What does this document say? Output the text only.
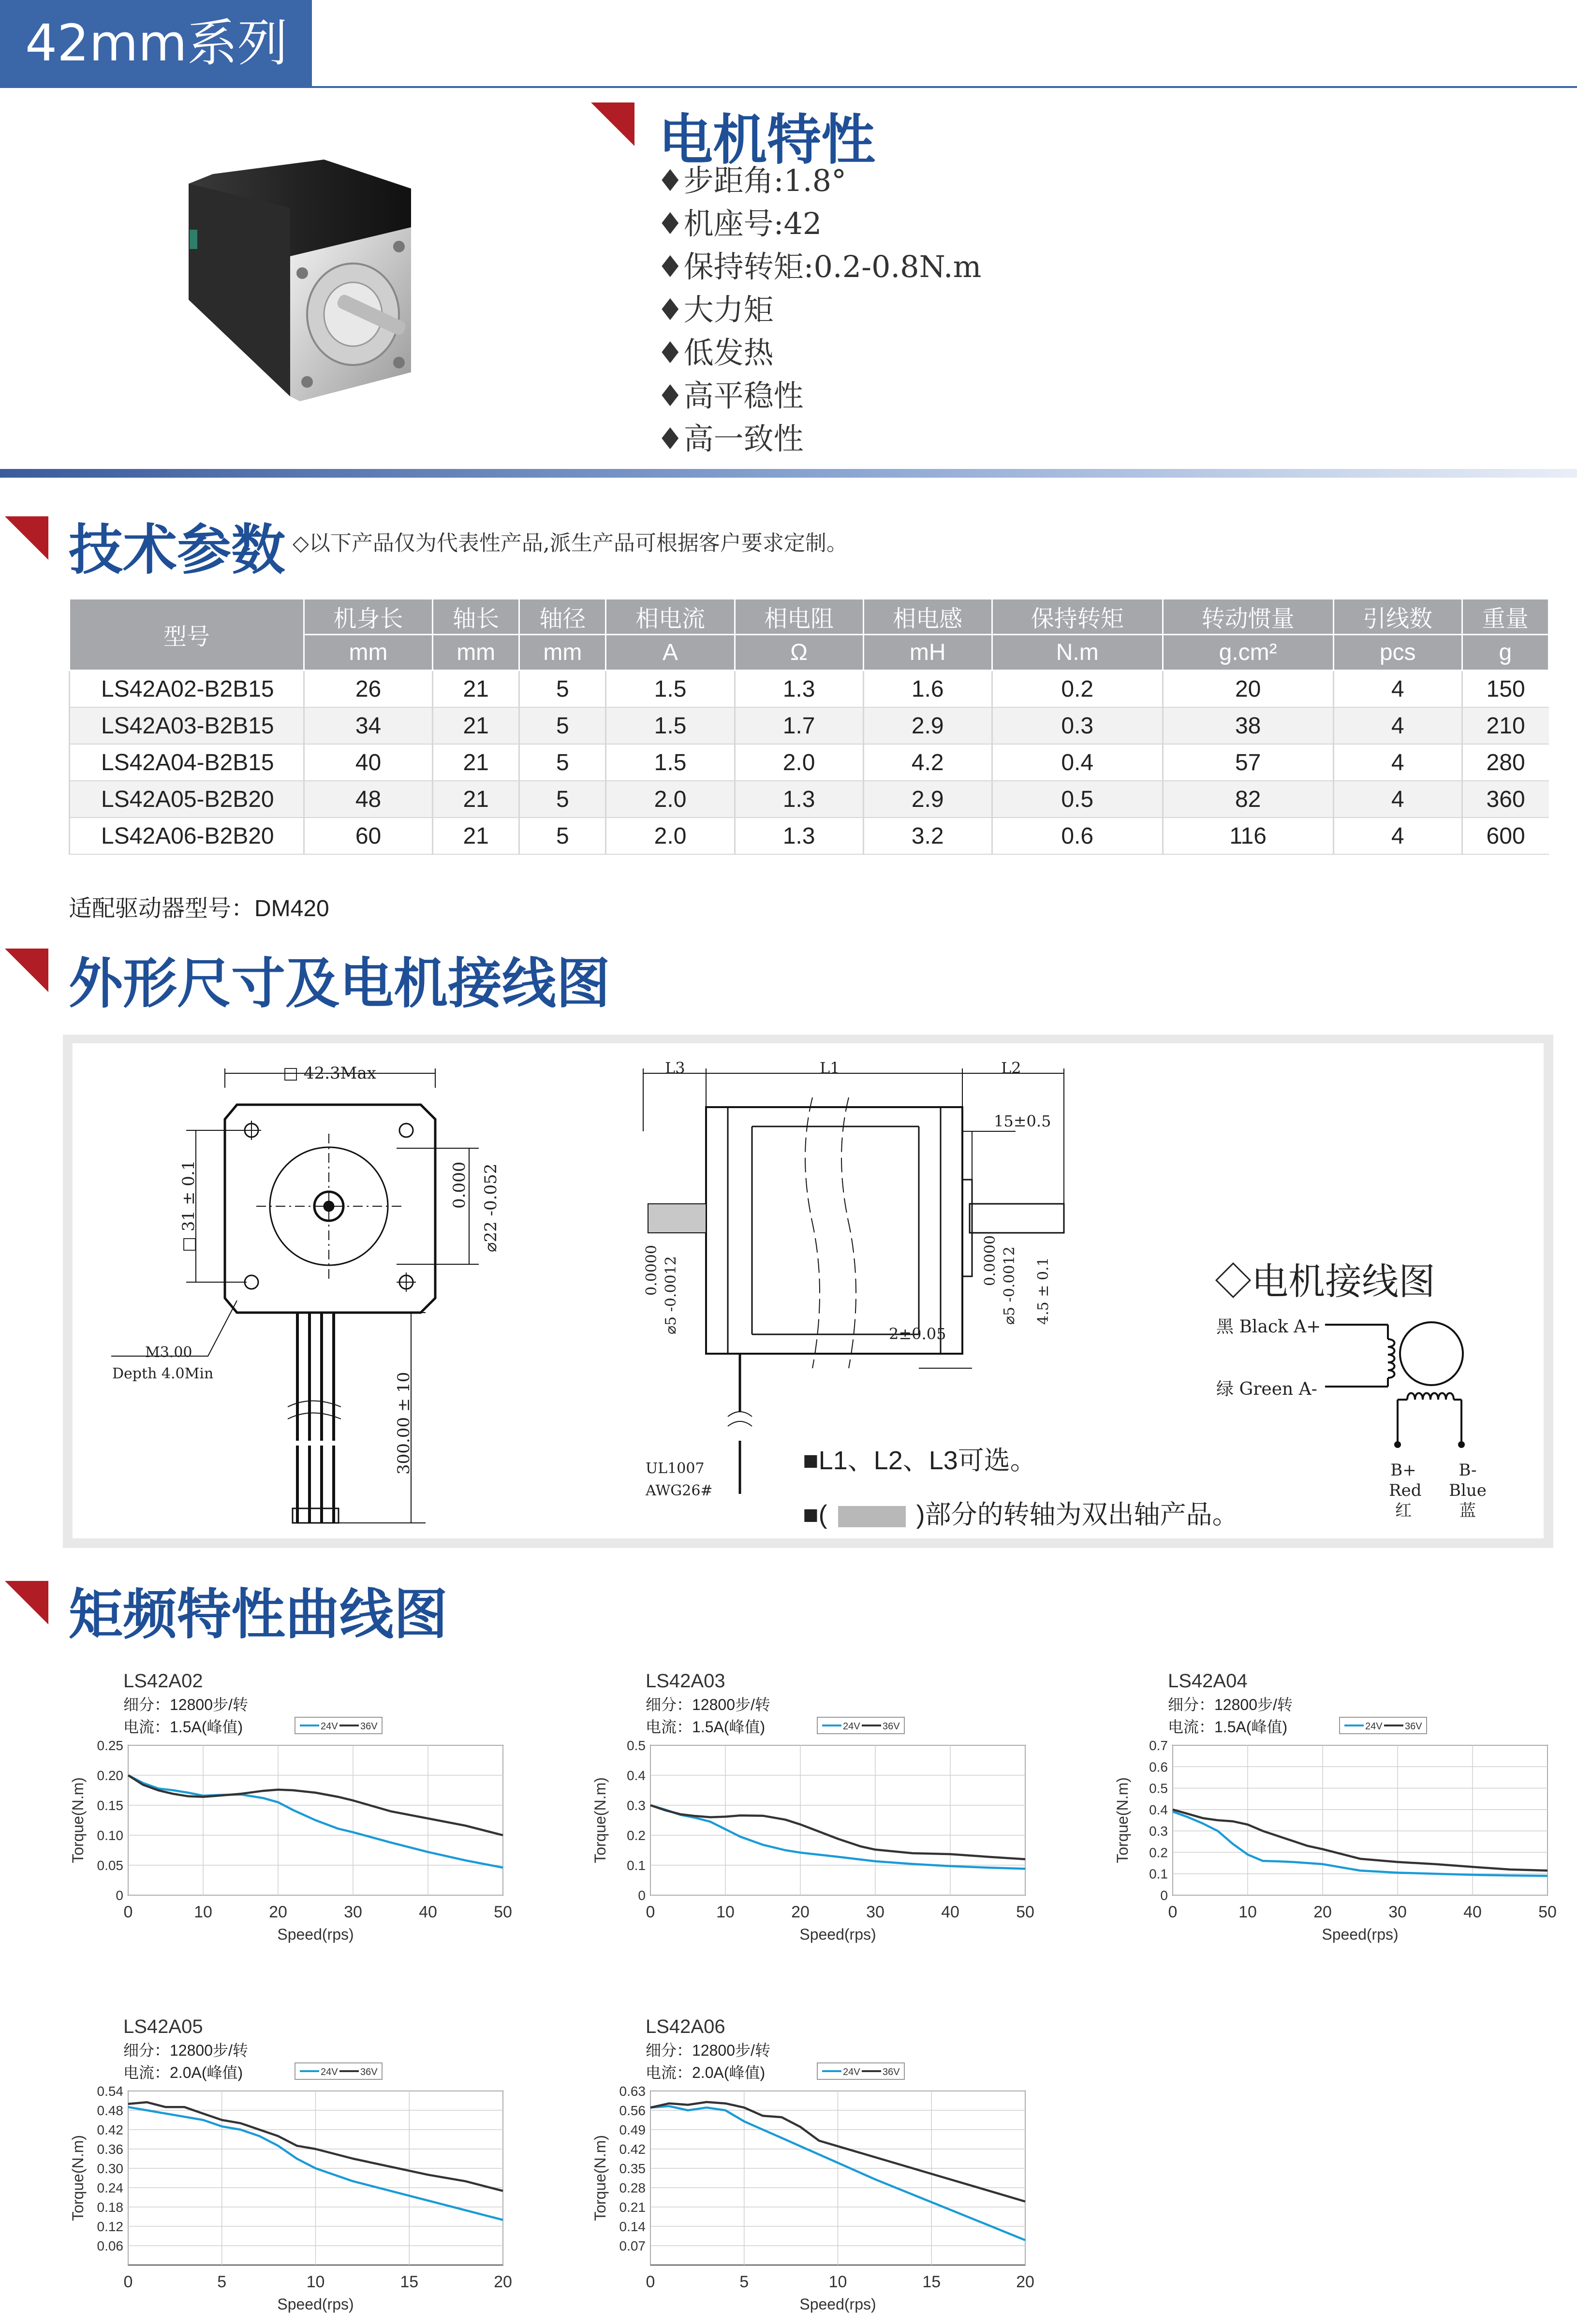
42mm系列
电机特性
♦步距角:1.8°
♦机座号:42
♦保持转矩:0.2-0.8N.m
♦大力矩
♦低发热
♦高平稳性
♦高一致性
技术参数 ◇以下产品仅为代表性产品,派生产品可根据客户要求定制。
型号	机身长	轴长	轴径	相电流	相电阻	相电感	保持转矩	转动惯量	引线数	重量
	mm	mm	mm	A	Ω	mH	N.m	g.cm²	pcs	g
LS42A02-B2B15	26	21	5	1.5	1.3	1.6	0.2	20	4	150
LS42A03-B2B15	34	21	5	1.5	1.7	2.9	0.3	38	4	210
LS42A04-B2B15	40	21	5	1.5	2.0	4.2	0.4	57	4	280
LS42A05-B2B20	48	21	5	2.0	1.3	2.9	0.5	82	4	360
LS42A06-B2B20	60	21	5	2.0	1.3	3.2	0.6	116	4	600
适配驱动器型号：DM420
外形尺寸及电机接线图
□ 42.3Max
□ 31 ± 0.1	⌀22 -0.052
0.000
M3.00
Depth 4.0Min	300.00 ± 10
L3	L1	L2
15±0.5
2±0.05
⌀5 -0.0012
0.0000	⌀5 -0.0012
0.0000	4.5 ± 0.1
UL1007
AWG26#
■L1、L2、L3可选。
■(	)部分的转轴为双出轴产品。
◇电机接线图
黑 Black A+
绿 Green A-
B+
Red
红
B-
Blue
蓝
矩频特性曲线图
LS42A02
细分：12800步/转
电流：1.5A(峰值)	24V 36V
0	10	20	30	40	50
0
0.05
0.10
0.15
0.20
0.25
Speed(rps)
Torque(N.m)
LS42A03
细分：12800步/转
电流：1.5A(峰值)	24V 36V
0	10	20	30	40	50
0
0.1
0.2
0.3
0.4
0.5
Speed(rps)
Torque(N.m)
LS42A04
细分：12800步/转
电流：1.5A(峰值)	24V 36V
0	10	20	30	40	50
0
0.1
0.2
0.3
0.4
0.5
0.6
0.7
Speed(rps)
Torque(N.m)
LS42A05
细分：12800步/转
电流：2.0A(峰值)	24V 36V
0	5	10	15	20
0.06
0.12
0.18
0.24
0.30
0.36
0.42
0.48
0.54
Speed(rps)
Torque(N.m)
LS42A06
细分：12800步/转
电流：2.0A(峰值)	24V 36V
0	5	10	15	20
0.07
0.14
0.21
0.28
0.35
0.42
0.49
0.56
0.63
Speed(rps)
Torque(N.m)
